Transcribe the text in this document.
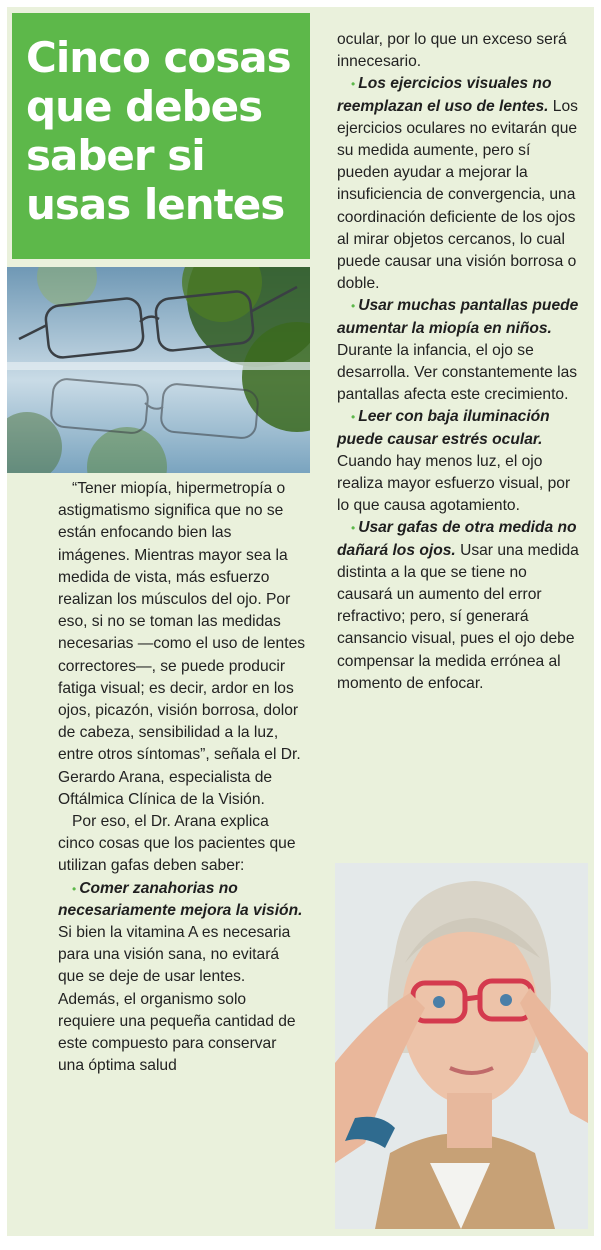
Cinco cosas que debes saber si usas lentes

“Tener miopía, hipermetropía o astigmatismo significa que no se están enfocando bien las imágenes. Mientras mayor sea la medida de vista, más esfuerzo realizan los músculos del ojo. Por eso, si no se toman las medidas necesarias —como el uso de lentes correctores—, se puede producir fatiga visual; es decir, ardor en los ojos, picazón, visión borrosa, dolor de cabeza, sensibilidad a la luz, entre otros síntomas”, señala el Dr. Gerardo Arana, especialista de Oftálmica Clínica de la Visión.

Por eso, el Dr. Arana explica cinco cosas que los pacientes que utilizan gafas deben saber:

• Comer zanahorias no necesariamente mejora la visión. Si bien la vitamina A es necesaria para una visión sana, no evitará que se deje de usar lentes. Además, el organismo solo requiere una pequeña cantidad de este compuesto para conservar una óptima salud

ocular, por lo que un exceso será innecesario.

• Los ejercicios visuales no reemplazan el uso de lentes. Los ejercicios oculares no evitarán que su medida aumente, pero sí pueden ayudar a mejorar la insuficiencia de convergencia, una coordinación deficiente de los ojos al mirar objetos cercanos, lo cual puede causar una visión borrosa o doble.

• Usar muchas pantallas puede aumentar la miopía en niños. Durante la infancia, el ojo se desarrolla. Ver constantemente las pantallas afecta este crecimiento.

• Leer con baja iluminación puede causar estrés ocular. Cuando hay menos luz, el ojo realiza mayor esfuerzo visual, por lo que causa agotamiento.

• Usar gafas de otra medida no dañará los ojos. Usar una medida distinta a la que se tiene no causará un aumento del error refractivo; pero, sí generará cansancio visual, pues el ojo debe compensar la medida errónea al momento de enfocar.
